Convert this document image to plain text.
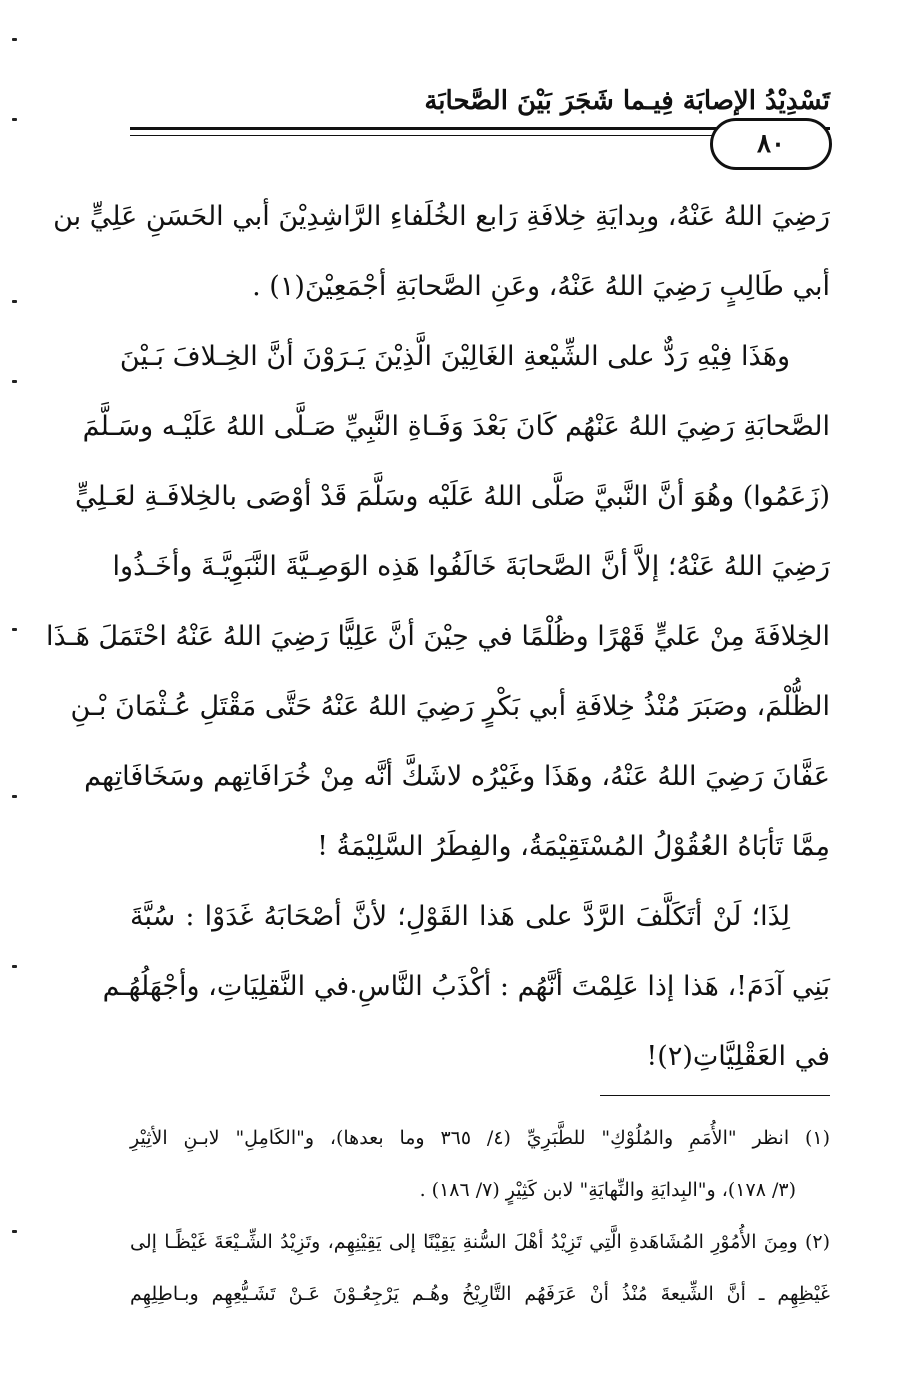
تَسْدِيْدُ الإصابَة فِيـما شَجَرَ بَيْنَ الصَّحابَة
٨٠
رَضِيَ اللهُ عَنْهُ، وبِدايَةِ خِلافَةِ رَابع الخُلَفاءِ الرَّاشِدِيْنَ أبي الحَسَنِ عَلِيٍّ بن
أبي طَالِبٍ رَضِيَ اللهُ عَنْهُ، وعَنِ الصَّحابَةِ أجْمَعِيْنَ(١) .
وهَذَا فِيْهِ رَدٌّ على الشِّيْعةِ الغَالِيْنَ الَّذِيْنَ يَـرَوْنَ أنَّ الخِـلافَ بَـيْنَ
الصَّحابَةِ رَضِيَ اللهُ عَنْهُم كَانَ بَعْدَ وَفَـاةِ النَّبِيِّ صَـلَّى اللهُ عَلَيْـه وسَـلَّمَ
(زَعَمُوا) وهُوَ أنَّ النَّبيَّ صَلَّى اللهُ عَلَيْه وسَلَّمَ قَدْ أوْصَى بالخِلافَـةِ لعَـلِيٍّ
رَضِيَ اللهُ عَنْهُ؛ إلاَّ أنَّ الصَّحابَةَ خَالَفُوا هَذِه الوَصِـيَّةَ النَّبَوِيَّـةَ وأخَـذُوا
الخِلافَةَ مِنْ عَليٍّ قَهْرًا وظُلْمًا في حِيْنَ أنَّ عَلِيًّا رَضِيَ اللهُ عَنْهُ احْتَمَلَ هَـذَا
الظُّلْمَ، وصَبَرَ مُنْذُ خِلافَةِ أبي بَكْرٍ رَضِيَ اللهُ عَنْهُ حَتَّى مَقْتَلِ عُـثْمَانَ بْـنِ
عَفَّانَ رَضِيَ اللهُ عَنْهُ، وهَذَا وغَيْرُه لاشَكَّ أنَّه مِنْ خُرَافَاتِهم وسَخَافَاتِهم
مِمَّا تَأبَاهُ العُقُوْلُ المُسْتَقِيْمَةُ، والفِطَرُ السَّلِيْمَةُ !
لِذَا؛ لَنْ أتَكَلَّفَ الرَّدَّ على هَذا القَوْلِ؛ لأنَّ أصْحَابَهُ غَدَوْا : سُبَّةَ
بَنِي آدَمَ!، هَذا إذا عَلِمْتَ أنَّهُم : أكْذَبُ النَّاسِ في النَّقلِيَاتِ، وأجْهَلُهُـم
في العَقْلِيَّاتِ(٢)!
(١) انظر "الأُمَمِ والمُلُوْكِ" للطَّبَرِيِّ (٤/ ٣٦٥ وما بعدها)، و"الكَامِلِ" لابـنِ الأثِيْرِ
(٣/ ١٧٨)، و"البِدايَةِ والنِّهايَةِ" لابن كَثِيْرٍ (٧/ ١٨٦) .
(٢) ومِنَ الأُمُوْرِ المُشَاهَدةِ الَّتِي تَزِيْدُ أهْلَ السُّنةِ يَقِيْنًا إلى يَقِيْنِهِم، وتَزِيْدُ الشِّـيْعَةَ غَيْظًـا إلى
غَيْظِهِم ـ أنَّ الشِّيعةَ مُنْذُ أنْ عَرَفَهُم التَّارِيْخُ وهُـم يَرْجِعُـوْنَ عَـنْ تَشَـيُّعِهِم وبـاطِلِهِم
